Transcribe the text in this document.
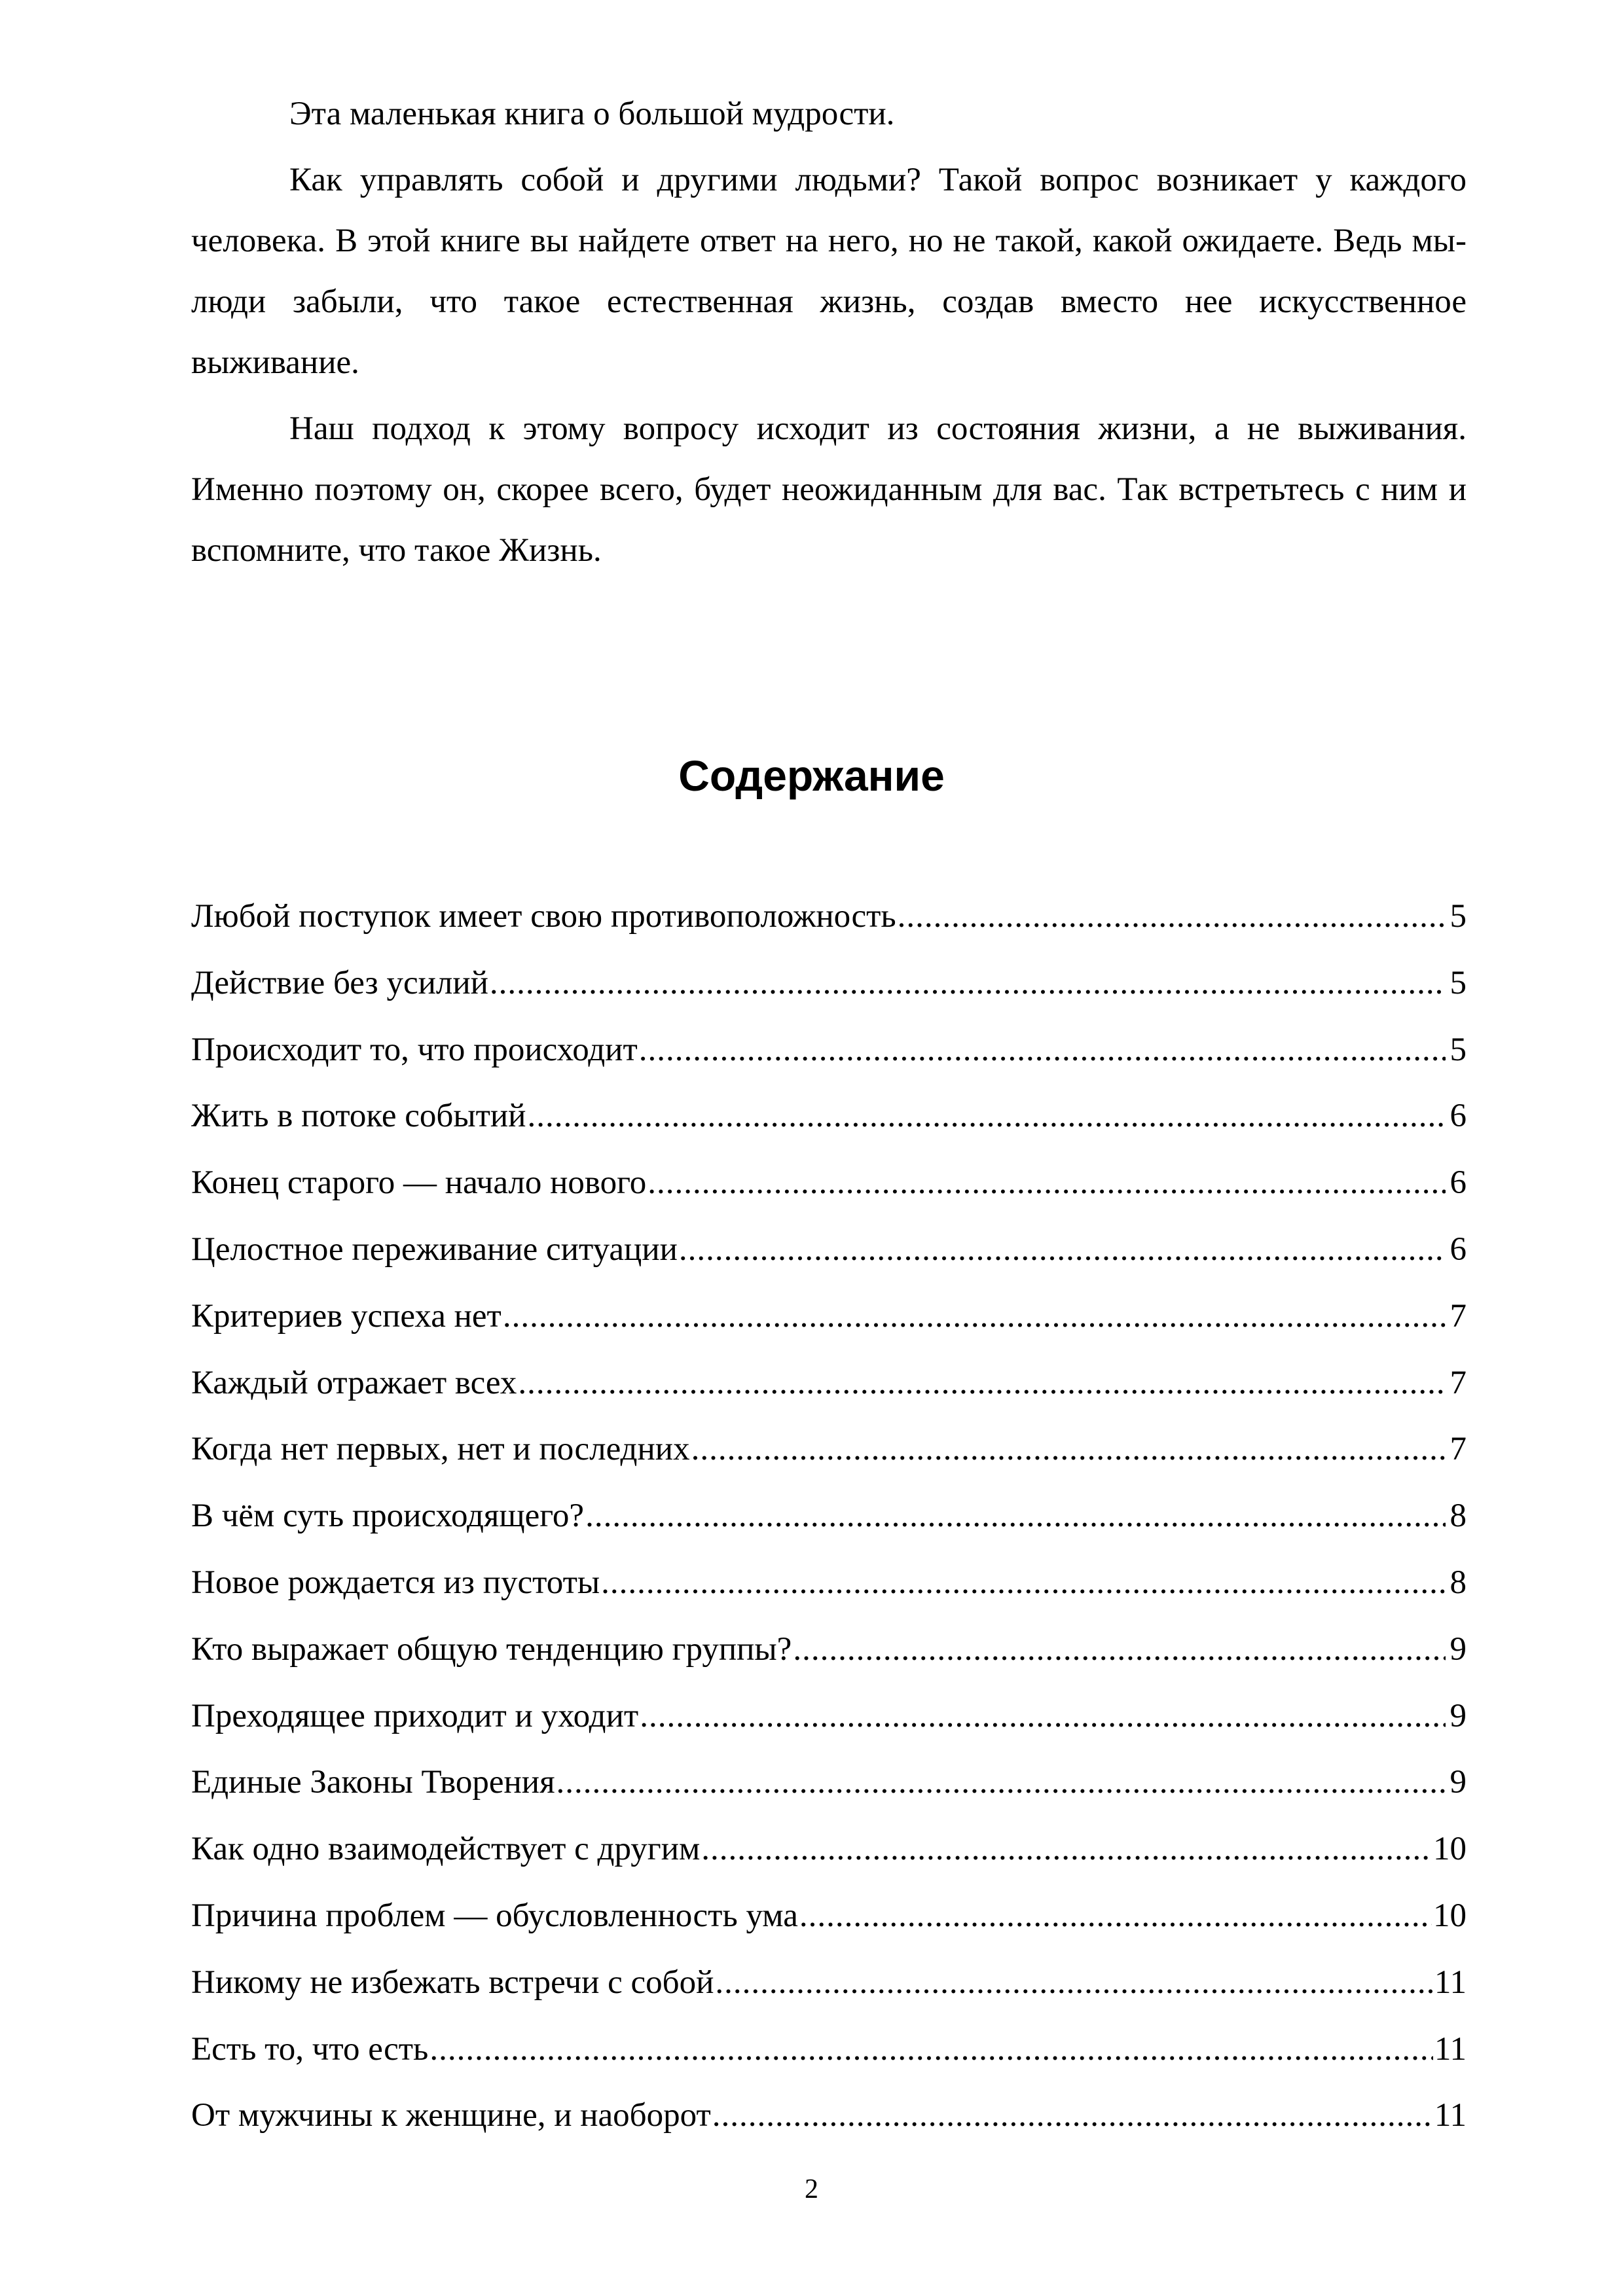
Эта маленькая книга о большой мудрости.

Как управлять собой и другими людьми? Такой вопрос возникает у каждого человека. В этой книге вы найдете ответ на него, но не такой, какой ожидаете. Ведь мы-люди забыли, что такое естественная жизнь, создав вместо нее искусственное выживание.

Наш подход к этому вопросу исходит из состояния жизни, а не выживания. Именно поэтому он, скорее всего, будет неожиданным для вас. Так встретьтесь с ним и вспомните, что такое Жизнь.

Содержание
Любой поступок имеет свою противоположность .....	5
Действие без усилий .....	5
Происходит то, что происходит .....	5
Жить в потоке событий .....	6
Конец старого — начало нового .....	6
Целостное переживание ситуации .....	6
Критериев успеха нет .....	7
Каждый отражает всех .....	7
Когда нет первых, нет и последних .....	7
В чём суть происходящего? .....	8
Новое рождается из пустоты .....	8
Кто выражает общую тенденцию группы? .....	9
Преходящее приходит и уходит .....	9
Единые Законы Творения .....	9
Как одно взаимодействует с другим .....	10
Причина проблем — обусловленность ума .....	10
Никому не избежать встречи с собой .....	11
Есть то, что есть .....	11
От мужчины к женщине, и наоборот .....	11
2
